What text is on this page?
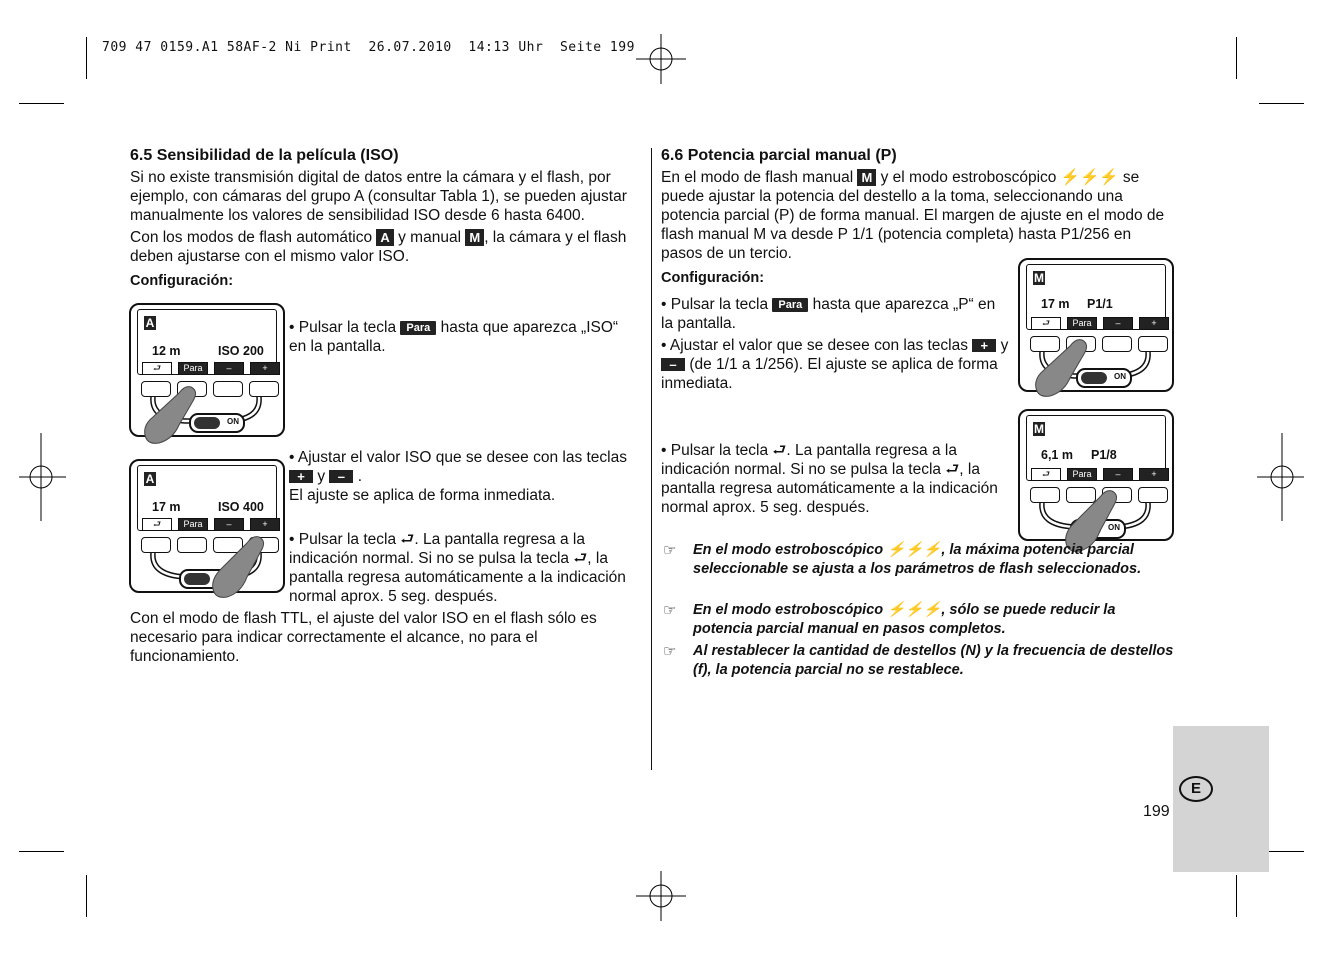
709 47 0159.A1 58AF-2 Ni Print  26.07.2010  14:13 Uhr  Seite 199
6.5 Sensibilidad de la película (ISO)
Si no existe transmisión digital de datos entre la cámara y el flash, por ejemplo, con cámaras del grupo A (consultar Tabla 1), se pueden ajustar manualmente los valores de sensibilidad ISO desde 6 hasta 6400.
Con los modos de flash automático A y manual M , la cámara y el flash deben ajustarse con el mismo valor ISO.
Configuración:
• Pulsar la tecla Para hasta que aparezca „ISO“ en la pantalla.
• Ajustar el valor ISO que se desee con las teclas + y – .
El ajuste se aplica de forma inmediata.
• Pulsar la tecla ⮐. La pantalla regresa a la indicación normal. Si no se pulsa la tecla ⮐, la pantalla regresa automáticamente a la indicación normal aprox. 5 seg. después.
Con el modo de flash TTL, el ajuste del valor ISO en el flash sólo es necesario para indicar correctamente el alcance, no para el funcionamiento.
A
12 m	ISO 200
⮐	Para	–	+
ON
A
17 m	ISO 400
⮐	Para	–	+
6.6 Potencia parcial manual (P)
En el modo de flash manual M y el modo estroboscópico ⚡⚡⚡ se puede ajustar la potencia del destello a la toma, seleccionando una potencia parcial (P) de forma manual. El margen de ajuste en el modo de flash manual M va desde P 1/1 (potencia completa) hasta P1/256 en pasos de un tercio.
Configuración:
• Pulsar la tecla Para hasta que aparezca „P“ en la pantalla.
• Ajustar el valor que se desee con las teclas + y – (de 1/1 a 1/256). El ajuste se aplica de forma inmediata.
• Pulsar la tecla ⮐. La pantalla regresa a la indicación normal. Si no se pulsa la tecla ⮐, la pantalla regresa automáticamente a la indicación normal aprox. 5 seg. después.
M
17 m P1/1
⮐	Para	–	+
ON
M
6,1 m P1/8
⮐	Para	–	+
ON
☞ En el modo estroboscópico ⚡⚡⚡, la máxima potencia parcial seleccionable se ajusta a los parámetros de flash seleccionados.
☞ En el modo estroboscópico ⚡⚡⚡, sólo se puede reducir la potencia parcial manual en pasos completos.
☞ Al restablecer la cantidad de destellos (N) y la frecuencia de destellos (f), la potencia parcial no se restablece.
E
199
